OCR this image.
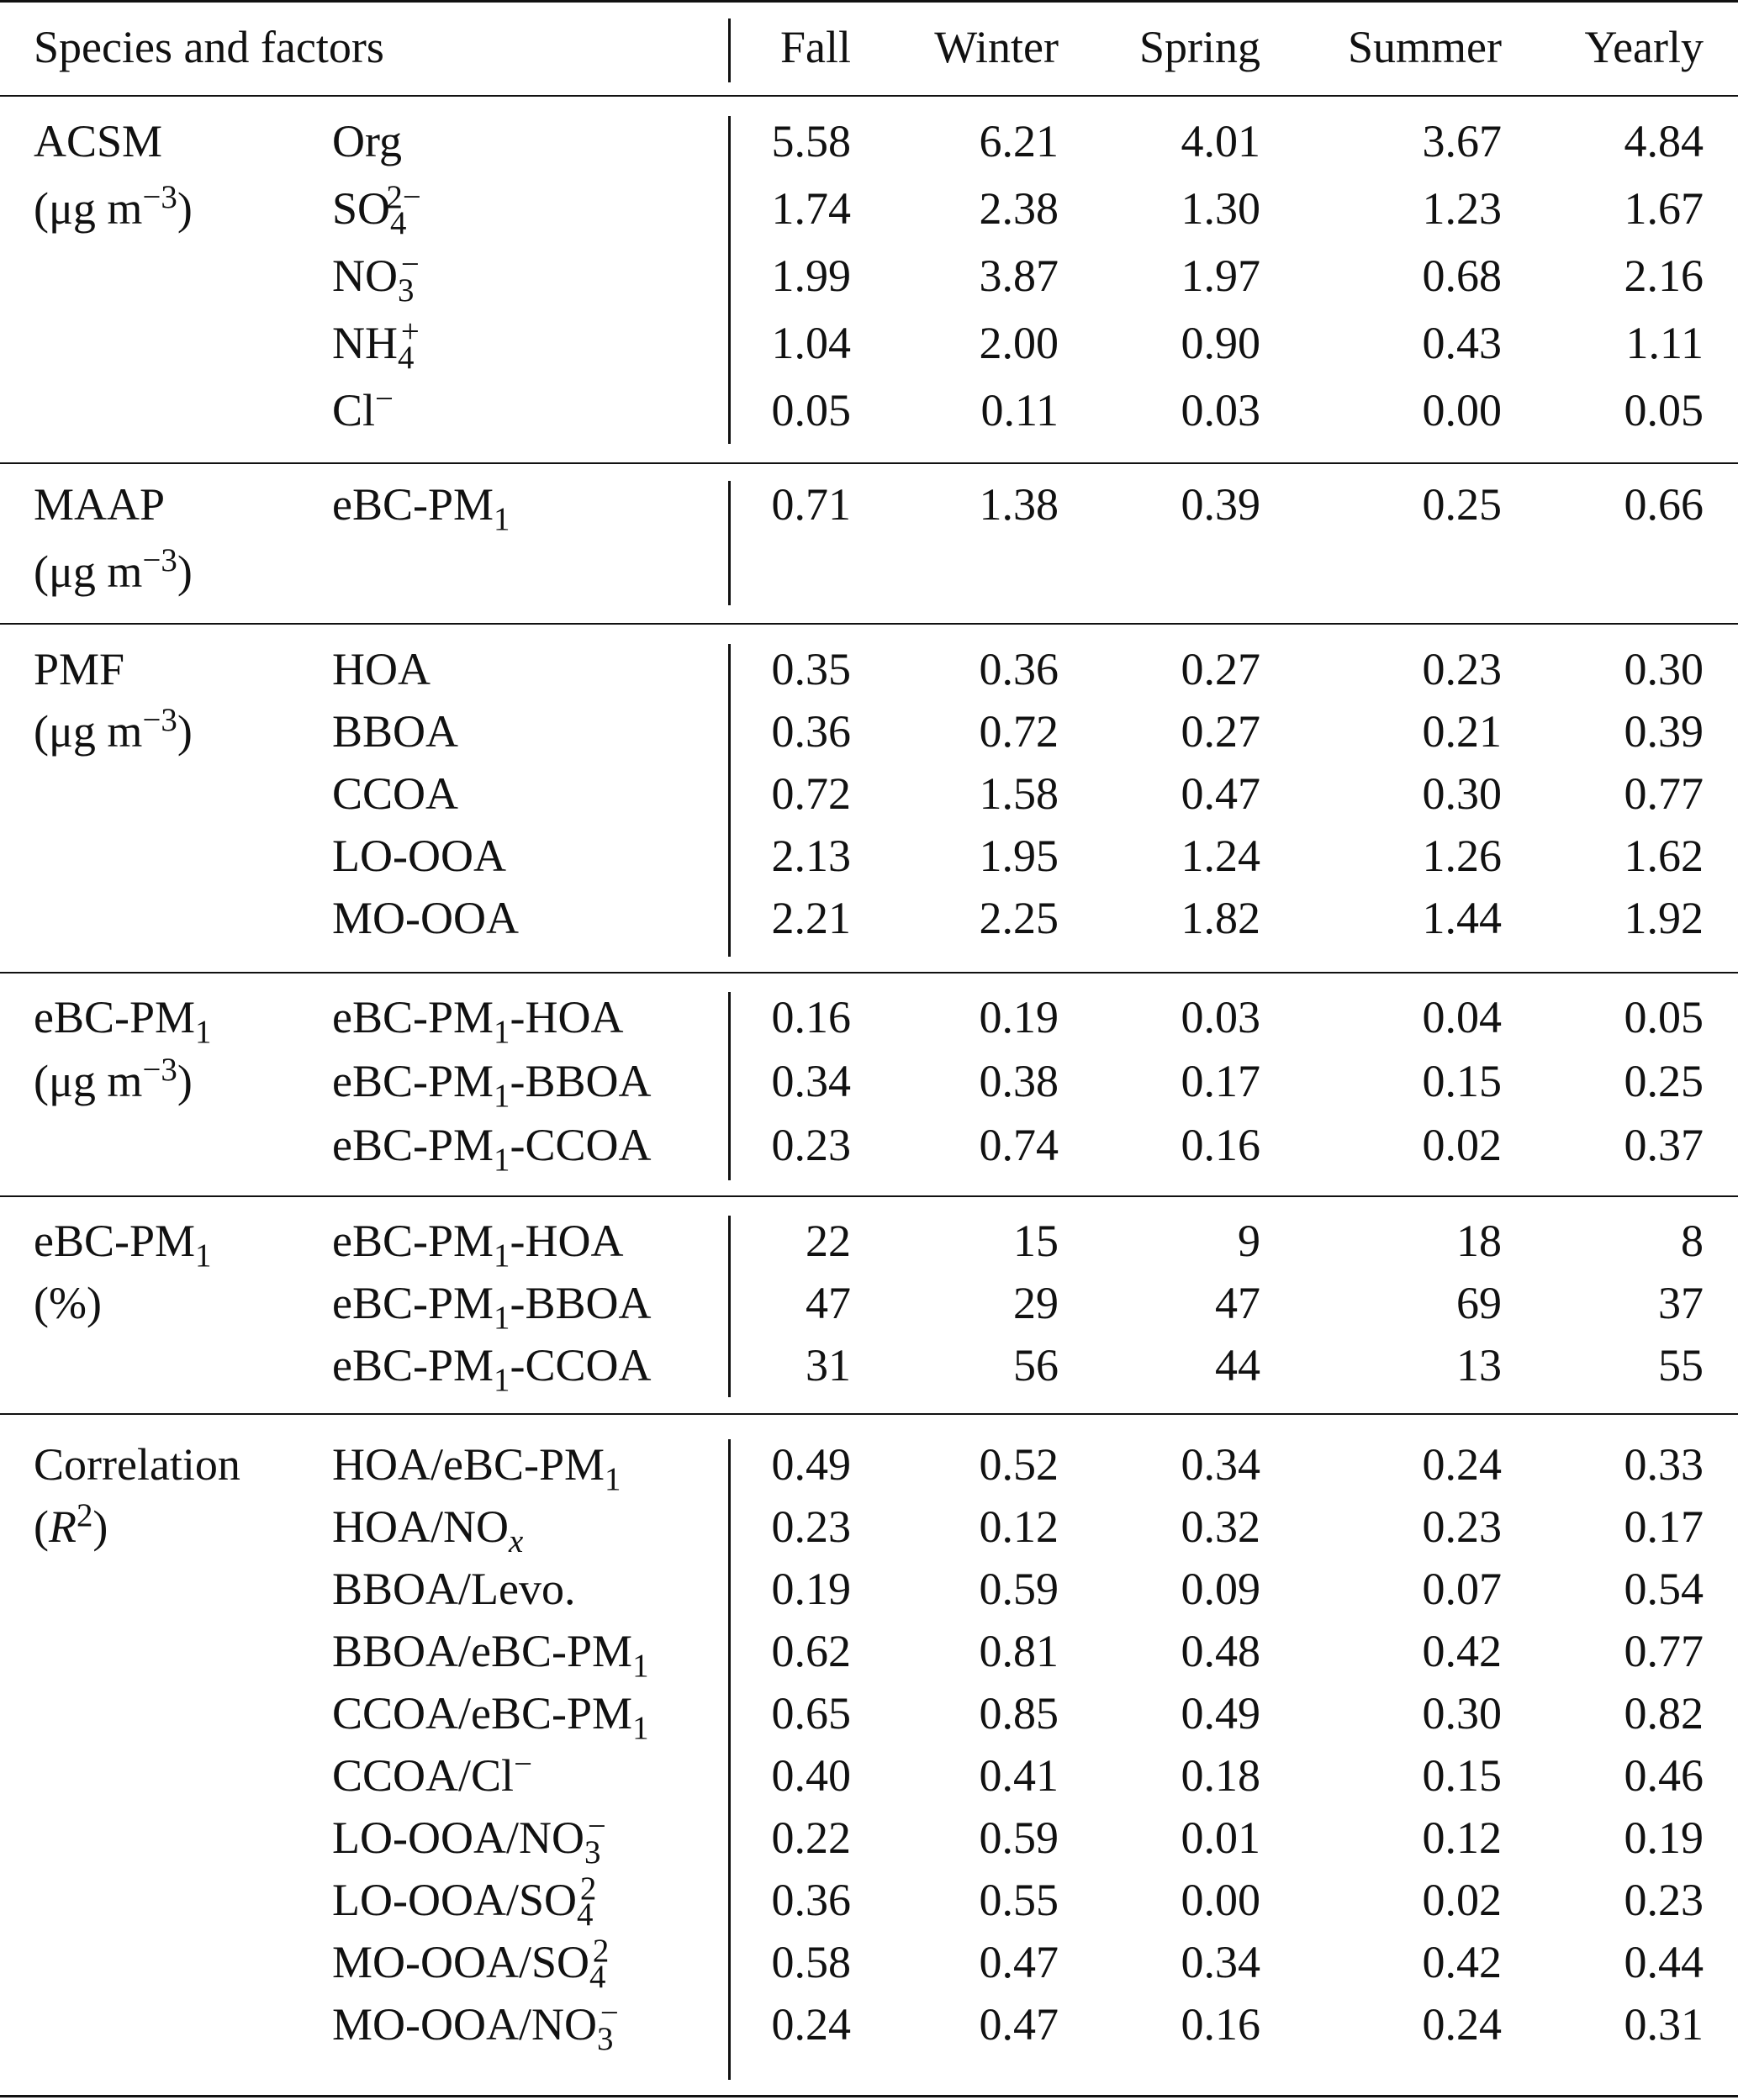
Species and factors	Fall	Winter	Spring	Summer	Yearly
ACSM
(μg $m^{-3}$)
Org	5.58	6.21	4.01	3.67	4.84
$SO_4^{2-}$	1.74	2.38	1.30	1.23	1.67
$NO_3^-$	1.99	3.87	1.97	0.68	2.16
$NH_4^+$	1.04	2.00	0.90	0.43	1.11
Cl−	0.05	0.11	0.03	0.00	0.05
MAAP
(μg $m^{-3}$)
eBC-$PM_1$	0.71	1.38	0.39	0.25	0.66
PMF
(μg $m^{-3}$)
HOA	0.35	0.36	0.27	0.23	0.30
BBOA	0.36	0.72	0.27	0.21	0.39
CCOA	0.72	1.58	0.47	0.30	0.77
LO-OOA	2.13	1.95	1.24	1.26	1.62
MO-OOA	2.21	2.25	1.82	1.44	1.92
eBC-$PM_1$
(μg $m^{-3}$)
eBC-$PM_1$-HOA	0.16	0.19	0.03	0.04	0.05
eBC-$PM_1$-BBOA	0.34	0.38	0.17	0.15	0.25
eBC-$PM_1$-CCOA	0.23	0.74	0.16	0.02	0.37
eBC-$PM_1$
(%)
eBC-$PM_1$-HOA	22	15	9	18	8
eBC-$PM_1$-BBOA	47	29	47	69	37
eBC-$PM_1$-CCOA	31	56	44	13	55
Correlation
$(R^2)$
HOA/$eBC-PM_1$	0.49	0.52	0.34	0.24	0.33
HOA/$NO_x$	0.23	0.12	0.32	0.23	0.17
BBOA/Levo.	0.19	0.59	0.09	0.07	0.54
BBOA/$eBC-PM_1$	0.62	0.81	0.48	0.42	0.77
CCOA/$eBC-PM_1$	0.65	0.85	0.49	0.30	0.82
CCOA/Cl−	0.40	0.41	0.18	0.15	0.46
$LO-OOA/NO_3^-$	0.22	0.59	0.01	0.12	0.19
$LO-OOA/SO_4^2$	0.36	0.55	0.00	0.02	0.23
$MO-OOA/SO_4^2$	0.58	0.47	0.34	0.42	0.44
$MO-OOA/NO_3^-$	0.24	0.47	0.16	0.24	0.31
